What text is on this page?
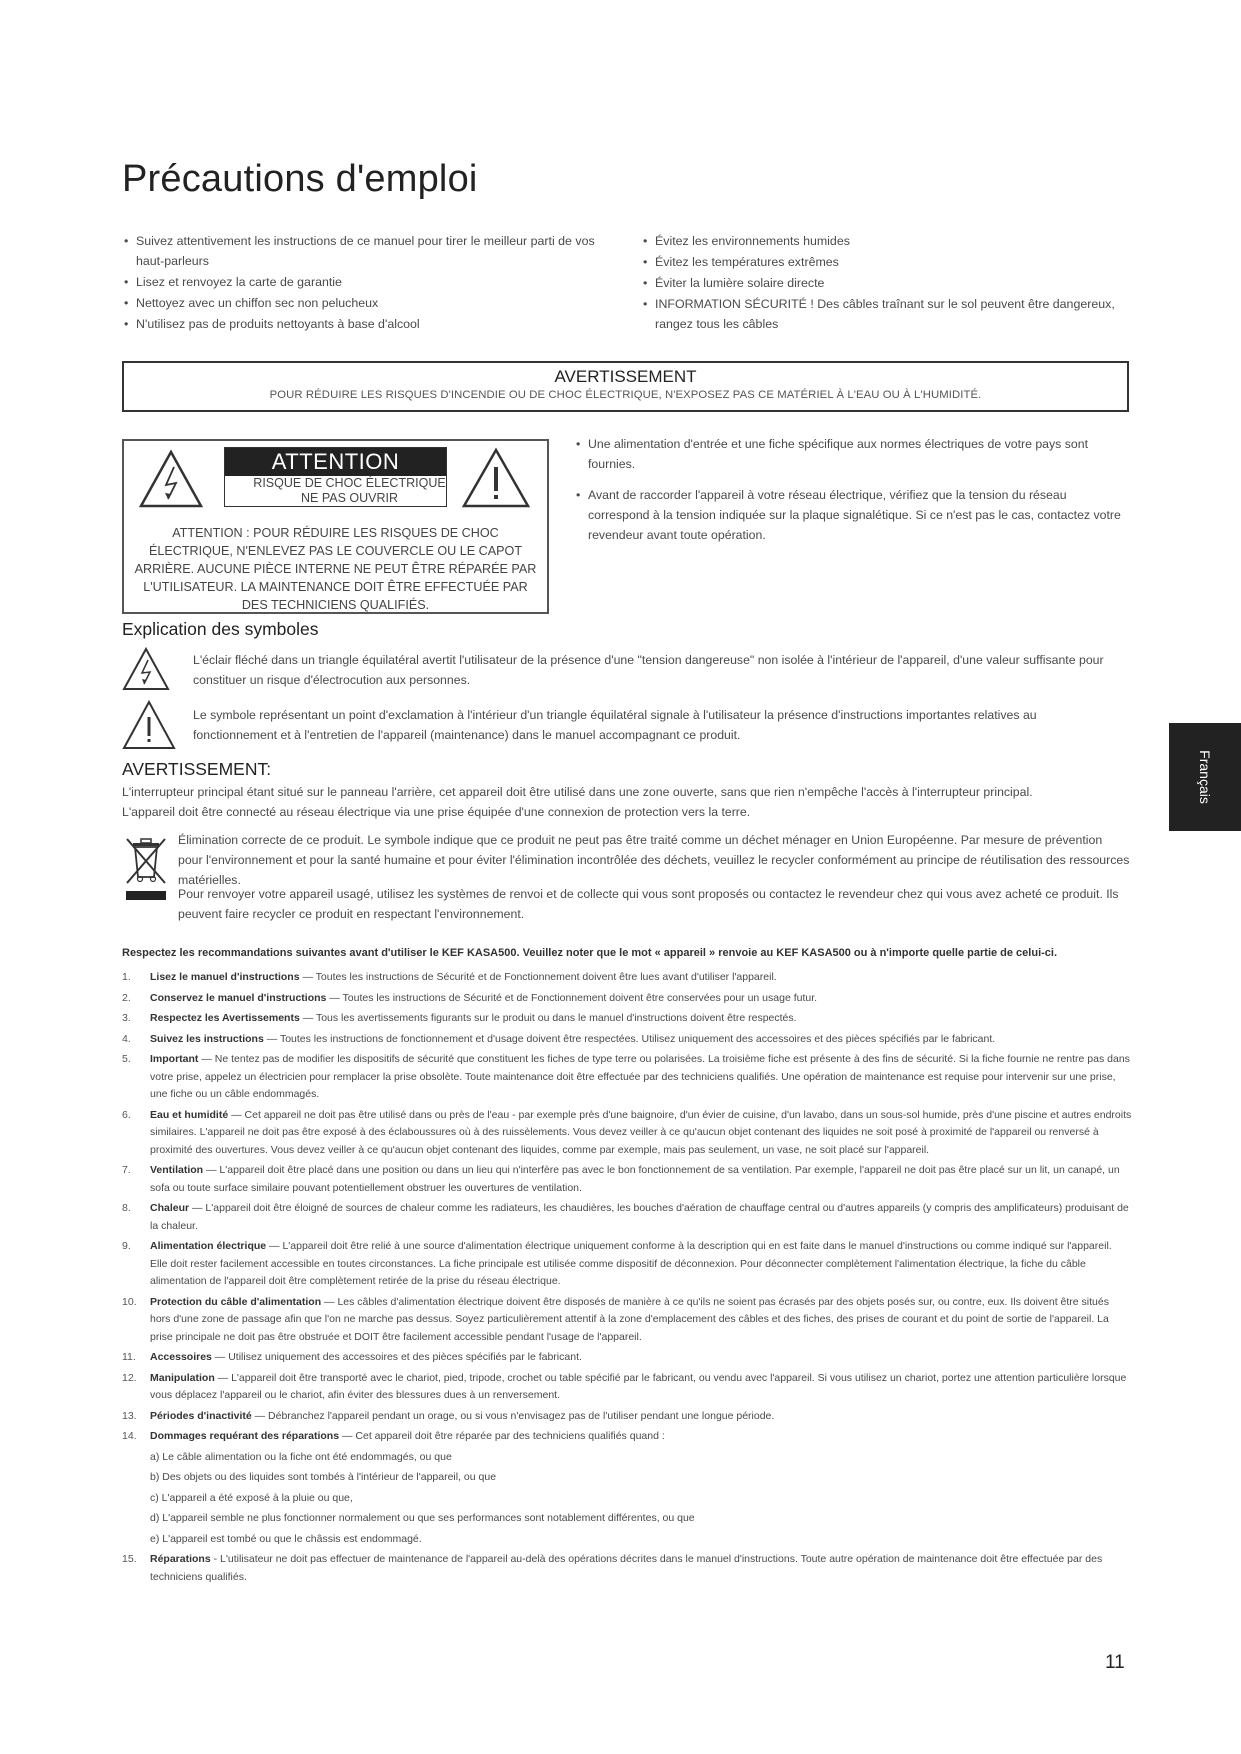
Précautions d'emploi
• Suivez attentivement les instructions de ce manuel pour tirer le meilleur parti de vos haut-parleurs
• Lisez et renvoyez la carte de garantie
• Nettoyez avec un chiffon sec non pelucheux
• N'utilisez pas de produits nettoyants à base d'alcool
• Évitez les environnements humides
• Évitez les températures extrêmes
• Éviter la lumière solaire directe
• INFORMATION SÉCURITÉ ! Des câbles traînant sur le sol peuvent être dangereux, rangez tous les câbles
AVERTISSEMENT
POUR RÉDUIRE LES RISQUES D'INCENDIE OU DE CHOC ÉLECTRIQUE, N'EXPOSEZ PAS CE MATÉRIEL À L'EAU OU À L'HUMIDITÉ.
ATTENTION
RISQUE DE CHOC ÉLECTRIQUE
NE PAS OUVRIR
ATTENTION : POUR RÉDUIRE LES RISQUES DE CHOC ÉLECTRIQUE, N'ENLEVEZ PAS LE COUVERCLE OU LE CAPOT ARRIÈRE. AUCUNE PIÈCE INTERNE NE PEUT ÊTRE RÉPARÉE PAR L'UTILISATEUR. LA MAINTENANCE DOIT ÊTRE EFFECTUÉE PAR DES TECHNICIENS QUALIFIÉS.
• Une alimentation d'entrée et une fiche spécifique aux normes électriques de votre pays sont fournies.
• Avant de raccorder l'appareil à votre réseau électrique, vérifiez que la tension du réseau correspond à la tension indiquée sur la plaque signalétique. Si ce n'est pas le cas, contactez votre revendeur avant toute opération.
Explication des symboles

L'éclair fléché dans un triangle équilatéral avertit l'utilisateur de la présence d'une "tension dangereuse" non isolée à l'intérieur de l'appareil, d'une valeur suffisante pour constituer un risque d'électrocution aux personnes.

Le symbole représentant un point d'exclamation à l'intérieur d'un triangle équilatéral signale à l'utilisateur la présence d'instructions importantes relatives au fonctionnement et à l'entretien de l'appareil (maintenance) dans le manuel accompagnant ce produit.

AVERTISSEMENT:

L'interrupteur principal étant situé sur le panneau l'arrière, cet appareil doit être utilisé dans une zone ouverte, sans que rien n'empêche l'accès à l'interrupteur principal.

L'appareil doit être connecté au réseau électrique via une prise équipée d'une connexion de protection vers la terre.

Élimination correcte de ce produit. Le symbole indique que ce produit ne peut pas être traité comme un déchet ménager en Union Européenne. Par mesure de prévention pour l'environnement et pour la santé humaine et pour éviter l'élimination incontrôlée des déchets, veuillez le recycler conformément au principe de réutilisation des ressources matérielles.

Pour renvoyer votre appareil usagé, utilisez les systèmes de renvoi et de collecte qui vous sont proposés ou contactez le revendeur chez qui vous avez acheté ce produit. Ils peuvent faire recycler ce produit en respectant l'environnement.

Français
Respectez les recommandations suivantes avant d'utiliser le KEF KASA500. Veuillez noter que le mot « appareil » renvoie au KEF KASA500 ou à n'importe quelle partie de celui-ci.
1. Lisez le manuel d'instructions — Toutes les instructions de Sécurité et de Fonctionnement doivent être lues avant d'utiliser l'appareil.
2. Conservez le manuel d'instructions — Toutes les instructions de Sécurité et de Fonctionnement doivent être conservées pour un usage futur.
3. Respectez les Avertissements — Tous les avertissements figurants sur le produit ou dans le manuel d'instructions doivent être respectés.
4. Suivez les instructions — Toutes les instructions de fonctionnement et d'usage doivent être respectées. Utilisez uniquement des accessoires et des pièces spécifiés par le fabricant.
5. Important — Ne tentez pas de modifier les dispositifs de sécurité que constituent les fiches de type terre ou polarisées. La troisième fiche est présente à des fins de sécurité. Si la fiche fournie ne rentre pas dans votre prise, appelez un électricien pour remplacer la prise obsolète. Toute maintenance doit être effectuée par des techniciens qualifiés. Une opération de maintenance est requise pour intervenir sur une prise, une fiche ou un câble endommagés.
6. Eau et humidité — Cet appareil ne doit pas être utilisé dans ou près de l'eau - par exemple près d'une baignoire, d'un évier de cuisine, d'un lavabo, dans un sous-sol humide, près d'une piscine et autres endroits similaires. L'appareil ne doit pas être exposé à des éclaboussures où à des ruissèlements. Vous devez veiller à ce qu'aucun objet contenant des liquides ne soit posé à proximité de l'appareil ou renversé à proximité des ouvertures. Vous devez veiller à ce qu'aucun objet contenant des liquides, comme par exemple, mais pas seulement, un vase, ne soit placé sur l'appareil.
7. Ventilation — L'appareil doit être placé dans une position ou dans un lieu qui n'interfère pas avec le bon fonctionnement de sa ventilation. Par exemple, l'appareil ne doit pas être placé sur un lit, un canapé, un sofa ou toute surface similaire pouvant potentiellement obstruer les ouvertures de ventilation.
8. Chaleur — L'appareil doit être éloigné de sources de chaleur comme les radiateurs, les chaudières, les bouches d'aération de chauffage central ou d'autres appareils (y compris des amplificateurs) produisant de la chaleur.
9. Alimentation électrique — L'appareil doit être relié à une source d'alimentation électrique uniquement conforme à la description qui en est faite dans le manuel d'instructions ou comme indiqué sur l'appareil. Elle doit rester facilement accessible en toutes circonstances. La fiche principale est utilisée comme dispositif de déconnexion. Pour déconnecter complètement l'alimentation électrique, la fiche du câble alimentation de l'appareil doit être complètement retirée de la prise du réseau électrique.
10. Protection du câble d'alimentation — Les câbles d'alimentation électrique doivent être disposés de manière à ce qu'ils ne soient pas écrasés par des objets posés sur, ou contre, eux. Ils doivent être situés hors d'une zone de passage afin que l'on ne marche pas dessus. Soyez particulièrement attentif à la zone d'emplacement des câbles et des fiches, des prises de courant et du point de sortie de l'appareil. La prise principale ne doit pas être obstruée et DOIT être facilement accessible pendant l'usage de l'appareil.
11. Accessoires — Utilisez uniquement des accessoires et des pièces spécifiés par le fabricant.
12. Manipulation — L'appareil doit être transporté avec le chariot, pied, tripode, crochet ou table spécifié par le fabricant, ou vendu avec l'appareil. Si vous utilisez un chariot, portez une attention particulière lorsque vous déplacez l'appareil ou le chariot, afin éviter des blessures dues à un renversement.
13. Périodes d'inactivité — Débranchez l'appareil pendant un orage, ou si vous n'envisagez pas de l'utiliser pendant une longue période.
14. Dommages requérant des réparations — Cet appareil doit être réparée par des techniciens qualifiés quand :
a) Le câble alimentation ou la fiche ont été endommagés, ou que
b) Des objets ou des liquides sont tombés à l'intérieur de l'appareil, ou que
c) L'appareil a été exposé à la pluie ou que,
d) L'appareil semble ne plus fonctionner normalement ou que ses performances sont notablement différentes, ou que
e) L'appareil est tombé ou que le châssis est endommagé.
15. Réparations - L'utilisateur ne doit pas effectuer de maintenance de l'appareil au-delà des opérations décrites dans le manuel d'instructions. Toute autre opération de maintenance doit être effectuée par des techniciens qualifiés.
11
